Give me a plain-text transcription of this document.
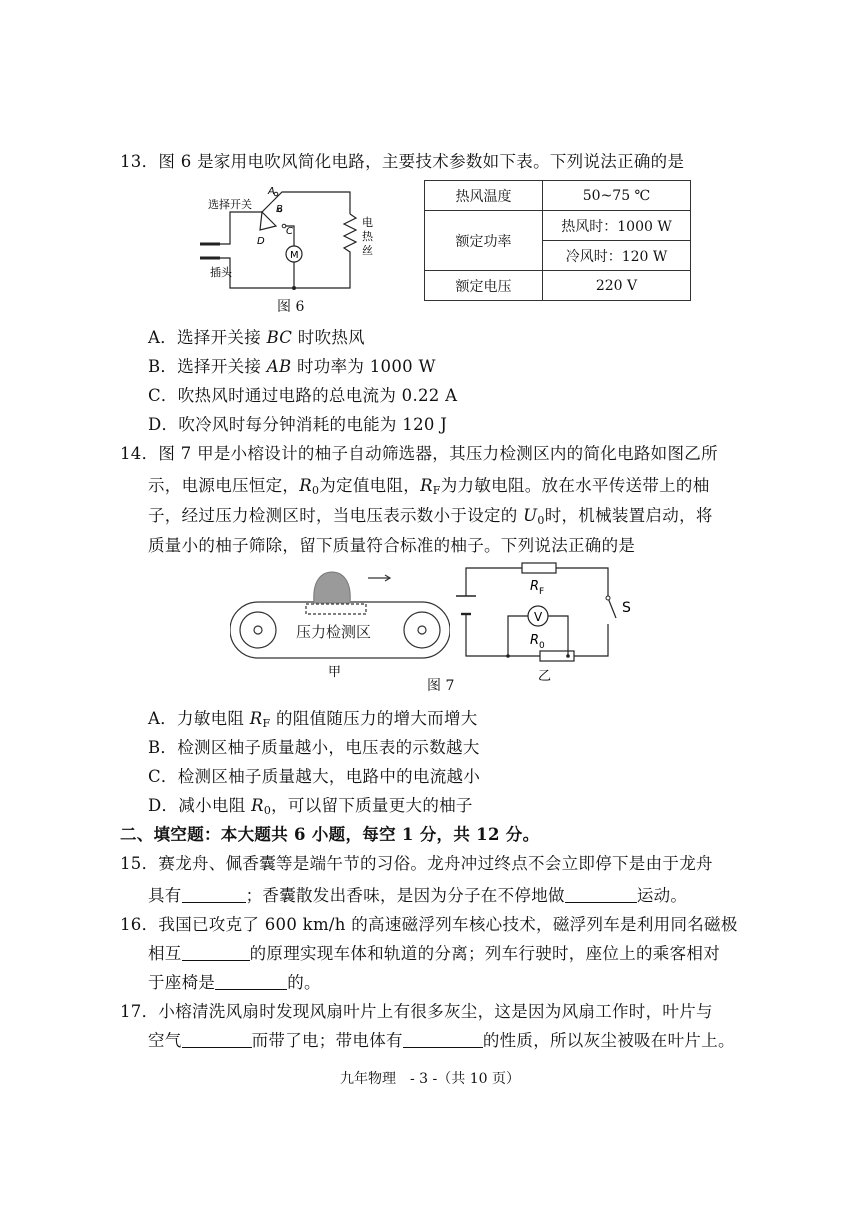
13．图 6 是家用电吹风简化电路，主要技术参数如下表。下列说法正确的是
选择开关
插头
A
B
C
D
M
电
热
丝
图 6
热风温度	50~75 ℃
额定功率	热风时：1000 W
	冷风时：120 W
额定电压	220 V
A．选择开关接 BC 时吹热风
B．选择开关接 AB 时功率为 1000 W
C．吹热风时通过电路的总电流为 0.22 A
D．吹冷风时每分钟消耗的电能为 120 J
14．图 7 甲是小榕设计的柚子自动筛选器，其压力检测区内的简化电路如图乙所
示，电源电压恒定，$R_0$为定值电阻，$R_F$为力敏电阻。放在水平传送带上的柚
子，经过压力检测区时，当电压表示数小于设定的 $U_0$时，机械装置启动，将
质量小的柚子筛除，留下质量符合标准的柚子。下列说法正确的是
压力检测区
甲
$R_F$
V
$R_0$
S
乙
图 7
A．力敏电阻 $R_F$ 的阻值随压力的增大而增大
B．检测区柚子质量越小，电压表的示数越大
C．检测区柚子质量越大，电路中的电流越小
D．减小电阻 $R_0$，可以留下质量更大的柚子
二、填空题：本大题共 6 小题，每空 1 分，共 12 分。
15．赛龙舟、佩香囊等是端午节的习俗。龙舟冲过终点不会立即停下是由于龙舟
具有	；香囊散发出香味，是因为分子在不停地做	运动。
16．我国已攻克了 600 km/h 的高速磁浮列车核心技术，磁浮列车是利用同名磁极
相互	的原理实现车体和轨道的分离；列车行驶时，座位上的乘客相对
于座椅是	的。
17．小榕清洗风扇时发现风扇叶片上有很多灰尘，这是因为风扇工作时，叶片与
空气	而带了电；带电体有	的性质，所以灰尘被吸在叶片上。
九年物理　- 3 -（共 10 页）
